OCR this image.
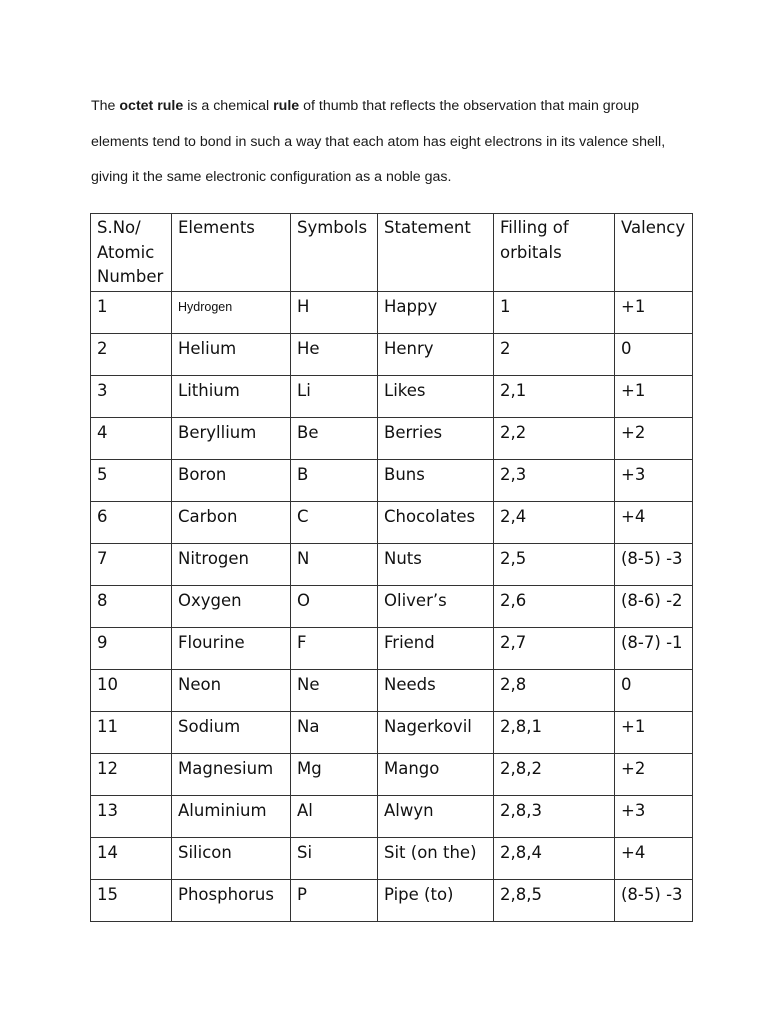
The octet rule is a chemical rule of thumb that reflects the observation that main group elements tend to bond in such a way that each atom has eight electrons in its valence shell, giving it the same electronic configuration as a noble gas.

S.No/
Atomic
Number	Elements	Symbols	Statement	Filling of
orbitals	Valency
1	Hydrogen	H	Happy	1	+1
2	Helium	He	Henry	2	0
3	Lithium	Li	Likes	2,1	+1
4	Beryllium	Be	Berries	2,2	+2
5	Boron	B	Buns	2,3	+3
6	Carbon	C	Chocolates	2,4	+4
7	Nitrogen	N	Nuts	2,5	(8-5) -3
8	Oxygen	O	Oliver’s	2,6	(8-6) -2
9	Flourine	F	Friend	2,7	(8-7) -1
10	Neon	Ne	Needs	2,8	0
11	Sodium	Na	Nagerkovil	2,8,1	+1
12	Magnesium	Mg	Mango	2,8,2	+2
13	Aluminium	Al	Alwyn	2,8,3	+3
14	Silicon	Si	Sit (on the)	2,8,4	+4
15	Phosphorus	P	Pipe (to)	2,8,5	(8-5) -3
